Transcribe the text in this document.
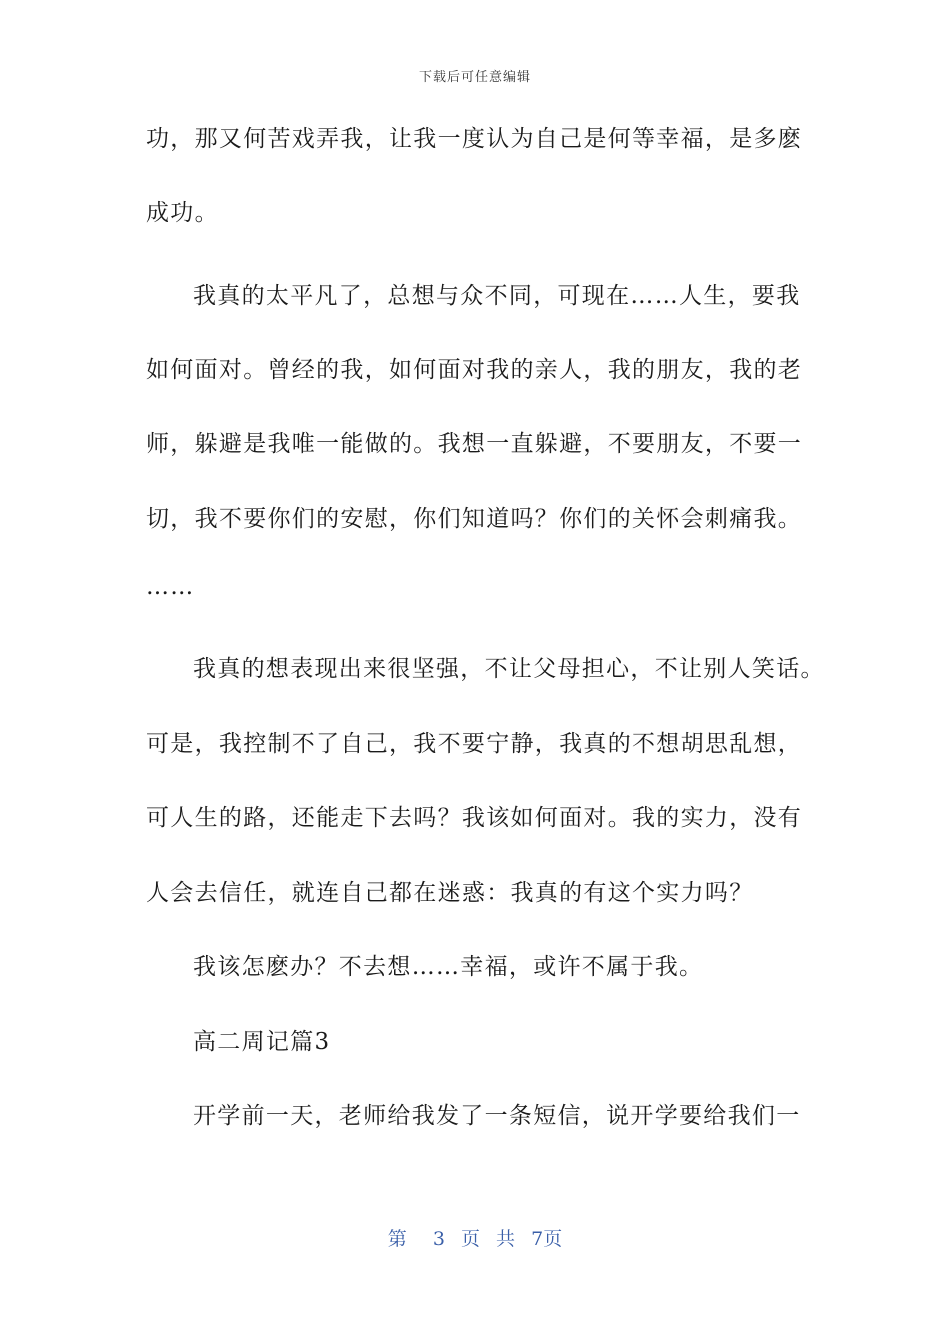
下载后可任意编辑
功，那又何苦戏弄我，让我一度认为自己是何等幸福，是多麽
成功。
我真的太平凡了，总想与众不同，可现在……人生，要我
如何面对。曾经的我，如何面对我的亲人，我的朋友，我的老
师，躲避是我唯一能做的。我想一直躲避，不要朋友，不要一
切，我不要你们的安慰，你们知道吗？你们的关怀会刺痛我。
……
我真的想表现出来很坚强，不让父母担心，不让别人笑话。
可是，我控制不了自己，我不要宁静，我真的不想胡思乱想，
可人生的路，还能走下去吗？我该如何面对。我的实力，没有
人会去信任，就连自己都在迷惑：我真的有这个实力吗？
我该怎麽办？不去想……幸福，或许不属于我。
高二周记篇3
开学前一天，老师给我发了一条短信，说开学要给我们一
第 3 页 共 7页
